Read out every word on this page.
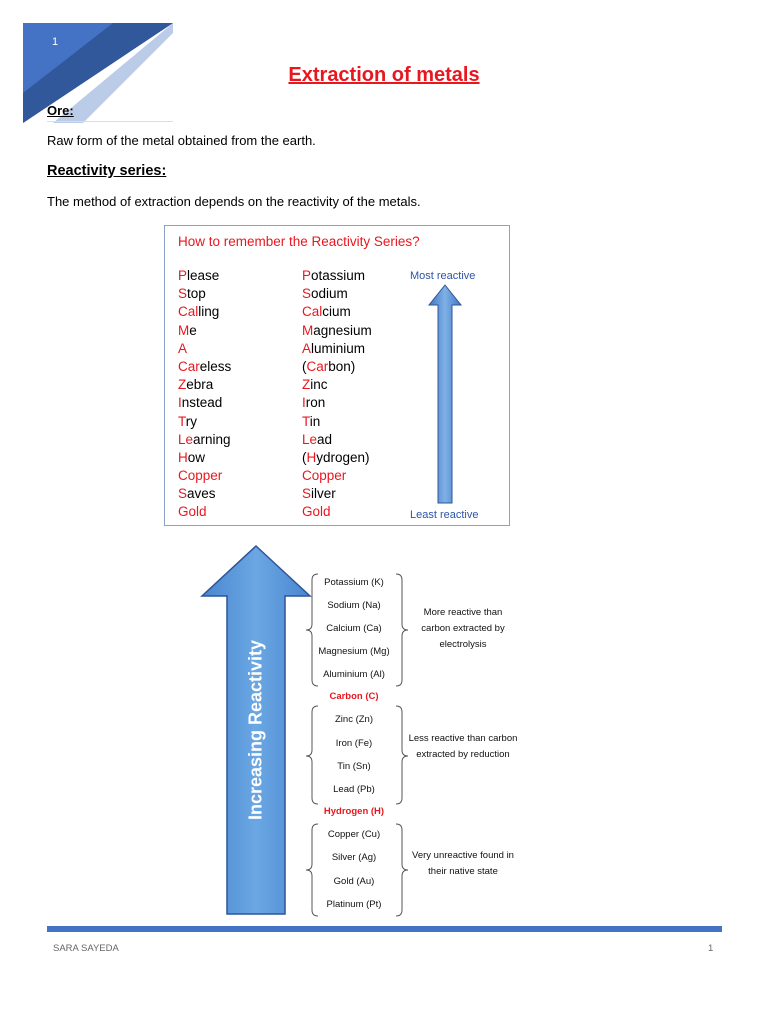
1
Extraction of metals
Ore:
Raw form of the metal obtained from the earth.
Reactivity series:
The method of extraction depends on the reactivity of the metals.
How to remember the Reactivity Series?
Please
Stop
Calling
Me
A
Careless
Zebra
Instead
Try
Learning
How
Copper
Saves
Gold
Potassium
Sodium
Calcium
Magnesium
Aluminium
(Carbon)
Zinc
Iron
Tin
Lead
(Hydrogen)
Copper
Silver
Gold
Most reactive
Least reactive
Increasing Reactivity
Potassium (K)
Sodium (Na)
Calcium (Ca)
Magnesium (Mg)
Aluminium (Al)
Carbon (C)
Zinc (Zn)
Iron (Fe)
Tin (Sn)
Lead (Pb)
Hydrogen (H)
Copper (Cu)
Silver (Ag)
Gold (Au)
Platinum (Pt)
More reactive than carbon extracted by electrolysis
Less reactive than carbon extracted by reduction
Very unreactive found in their native state
SARA SAYEDA	1
